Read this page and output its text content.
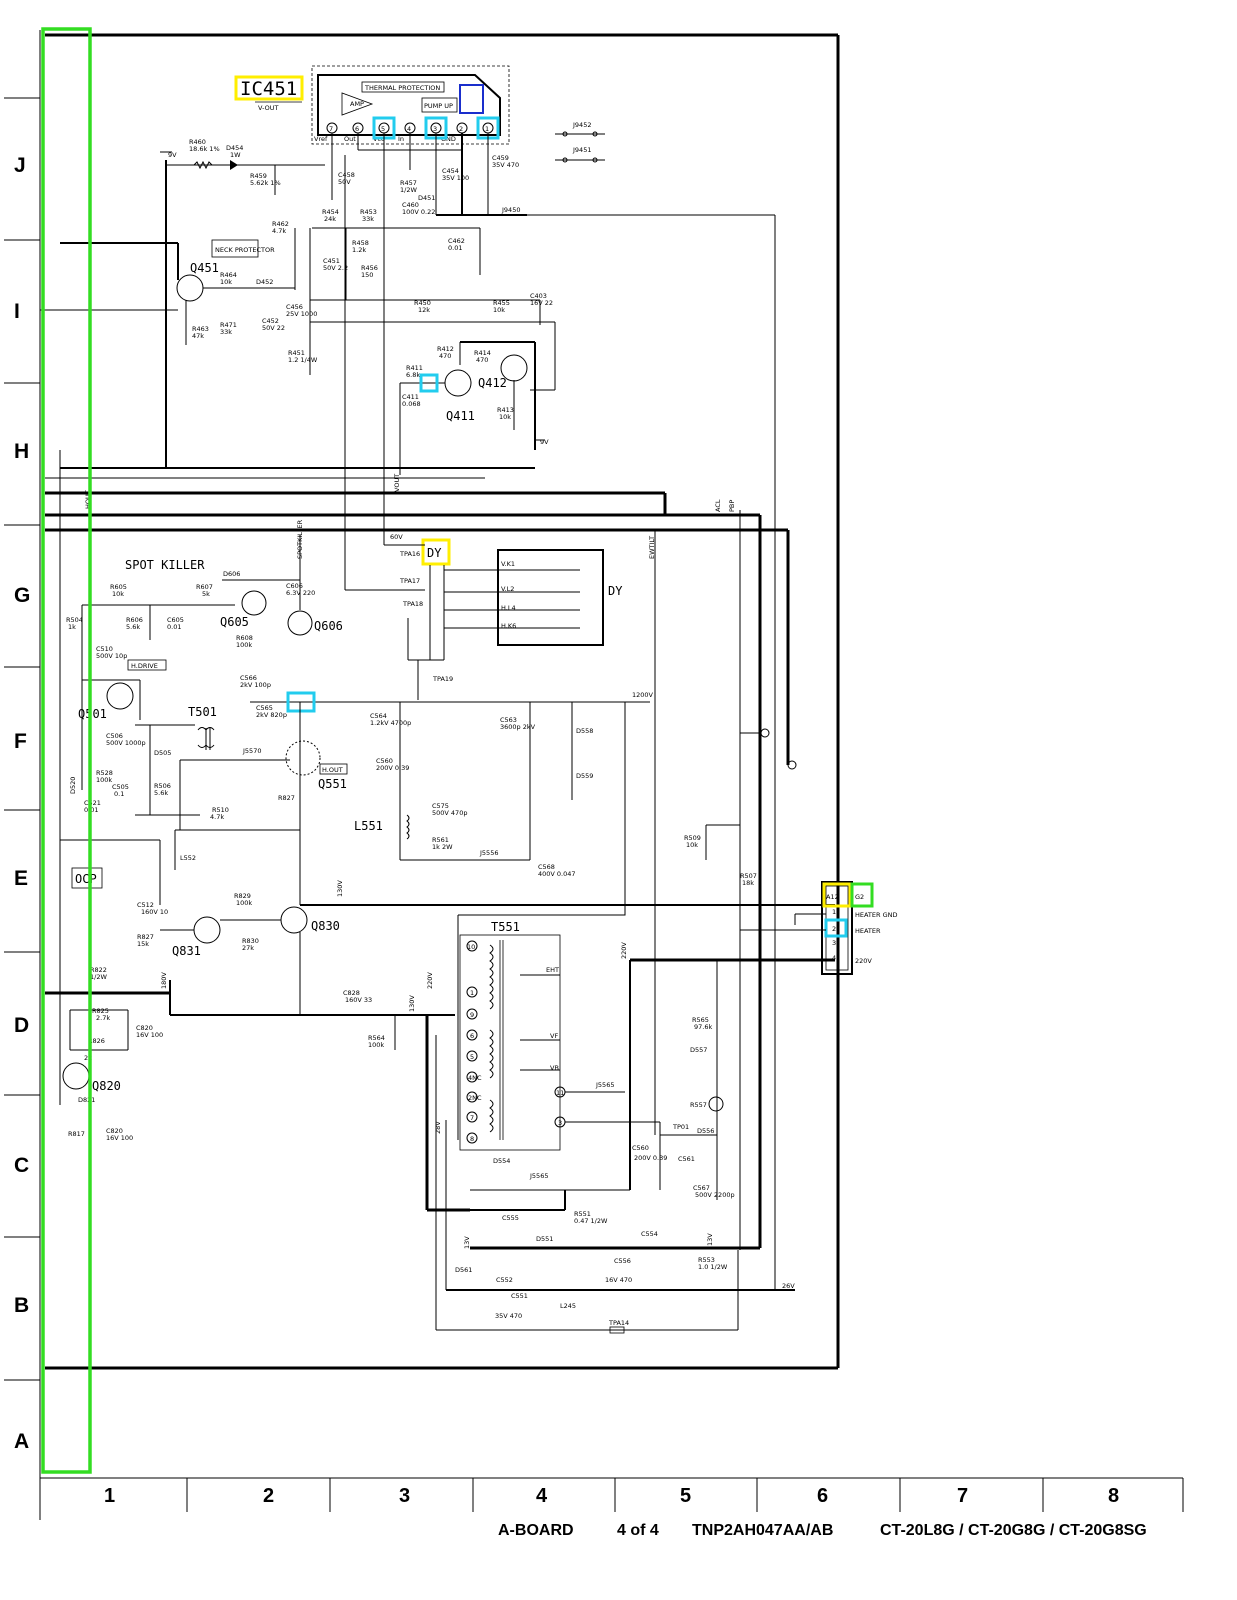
J
I
H
G
F
E
D
C
B
A
1	2	3	4	5	6	7	8
A-BOARD	4 of 4 TNP2AH047AA/AB	CT-20L8G / CT-20G8G / CT-20G8SG
THERMAL PROTECTION
AMP	PUMP UP
7	6	5	4	3	2	1
Vref	Out	Vcc In	GND
IC451
V-OUT
9V
R460
18.6k 1% D454
1W
R459
5.62k 1%
C458
50V	R457
1/2W
C460
100V 0.22
C454
35V 100
C459
35V 470
D451
J9450
R454
24k
R453
33k
R462
4.7k
R458
1.2k
C451
50V 2.2 R456
150
C462
0.01
Q451 R464
10k	D452
NECK PROTECTOR
R463
47k
R471
33k
C452
50V 22
C456
25V 1000
R451
1.2 1/4W
R455
10k
R450
12k
C403
16V 22
Q411
Q412
R412
470	R414
470
R411
6.8k
C411
0.068
R413
10k
9V
HOUT
SPOTKILLER
VOUT
EWTILT
ACL PBP
SPOT KILLER
R605
10k
R607
5k
D606
C606
6.3V 220
R606
5.6k
C605
0.01
R608
100k
Q605	Q606
DY
V.K1
V.L2
H.L4
H.K6
DY
TPA16
TPA17
TPA18
TPA19
60V
H.DRIVE
Q501
R504
1k
C510
500V 10p
C506
500V 1000p
D505
R506
5.6k
C505
0.1
T501
R510
4.7k
R528
100k
C521
0.01
D520
C566
2kV 100p
C565
2kV 820p
Q551
H.OUT
J5570
R827
C564
1.2kV 4700p	C563
3600p 2kV	D558
D559
1200V
C560
200V 0.39
C575
500V 470p
R561
1k 2W
L551
J5556
C568
400V 0.047
OCP
L552
C512
160V 10
R827
15k Q831
Q830
R829
100k
R830
27k
130V
180V
R822
1/2W
R825
2.7k
C820
16V 100
R826
22
Q820
D821
R817	C820
16V 100
C828
160V 33
R564
100k
130V
220V
T551
10
1
9
6
5
4NC
2NC
7
8
11
3
EHT
VF
VB
J5565
28V
220V
R565
97.6k
D557
R557
TP01 D556
C561
C567
500V 2200p
C560
200V 0.39
D554
J5565
C555	R551
0.47 1/2W
D551
C554
C556
16V 470
R553
1.0 1/2W
13V
13V
26V
D561
C552
C551
35V 470
L245
TPA14
R509
10k
R507
18k
A12	G2
1
2
3
4
HEATER GND
HEATER
220V
J9452
J9451
